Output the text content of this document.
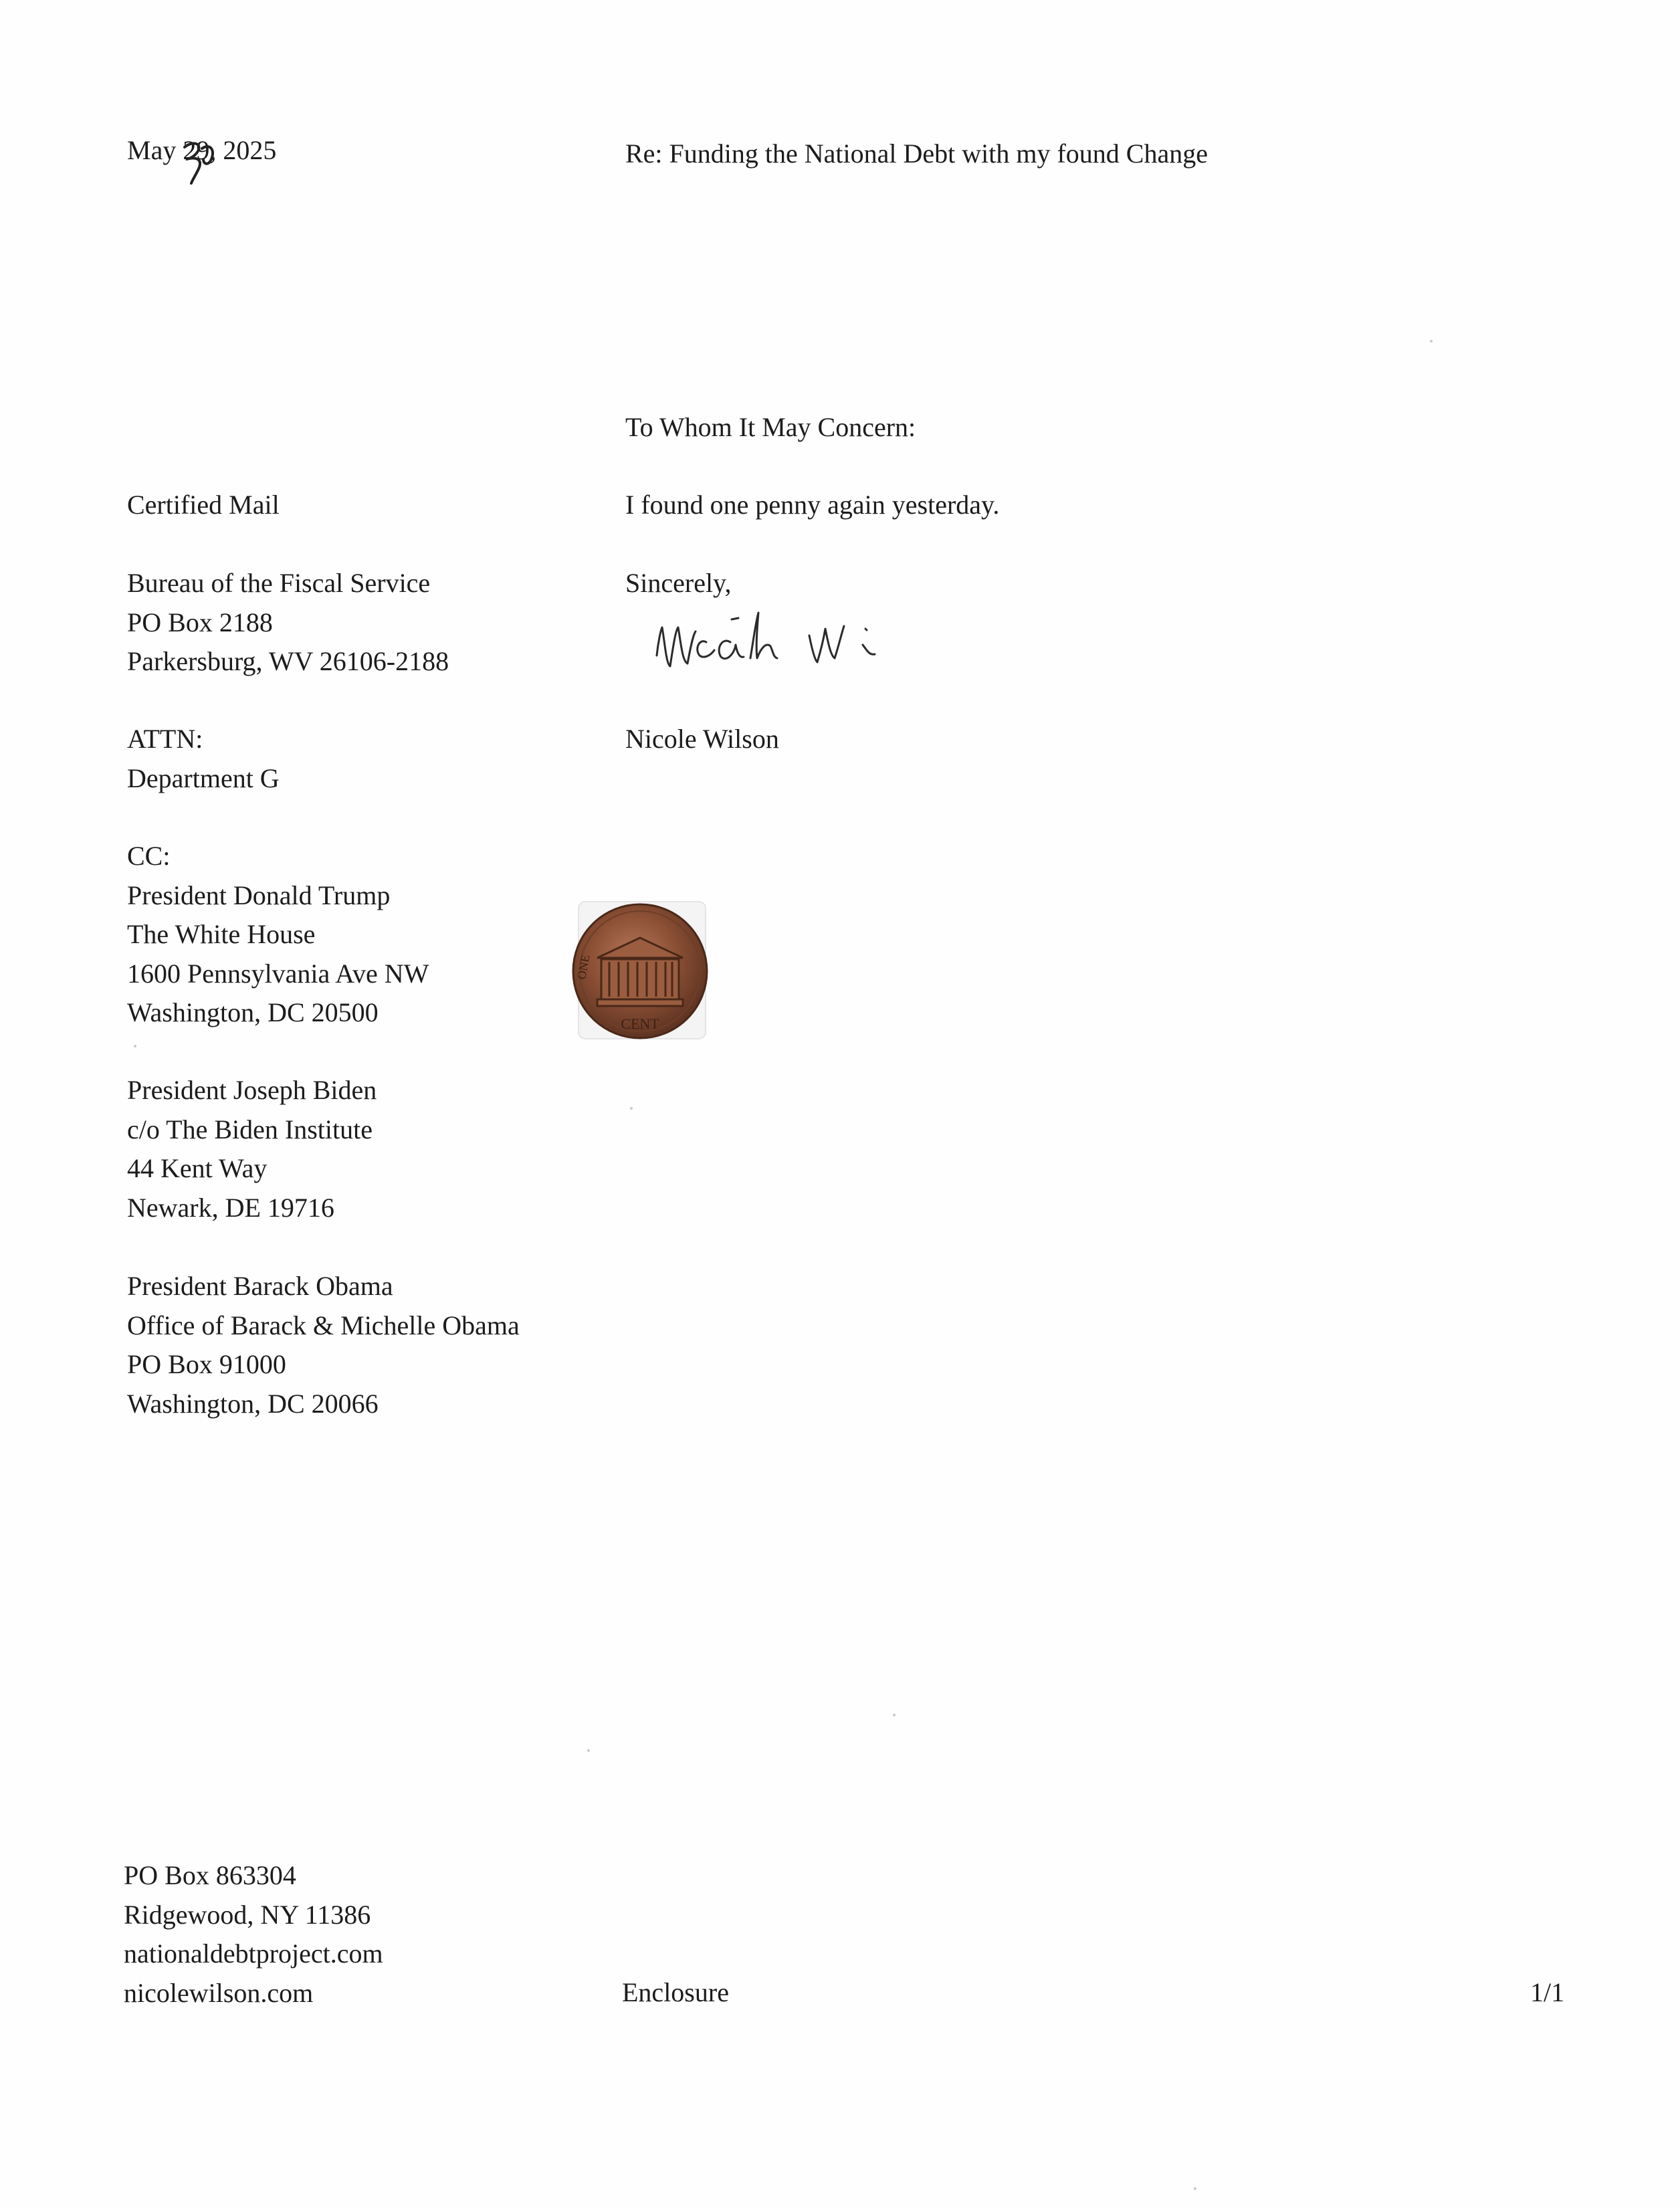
May 29, 2025	Re: Funding the National Debt with my found Change

To Whom It May Concern:

Certified Mail	I found one penny again yesterday.

Bureau of the Fiscal Service
PO Box 2188
Parkersburg, WV 26106-2188

Sincerely,

ATTN:
Department G

Nicole Wilson

CC:
President Donald Trump
The White House
1600 Pennsylvania Ave NW
Washington, DC 20500
President Joseph Biden
c/o The Biden Institute
44 Kent Way
Newark, DE 19716
President Barack Obama
Office of Barack & Michelle Obama
PO Box 91000
Washington, DC 20066
CENT
ONE
PO Box 863304
Ridgewood, NY 11386
nationaldebtproject.com
nicolewilson.com	Enclosure	1/1
